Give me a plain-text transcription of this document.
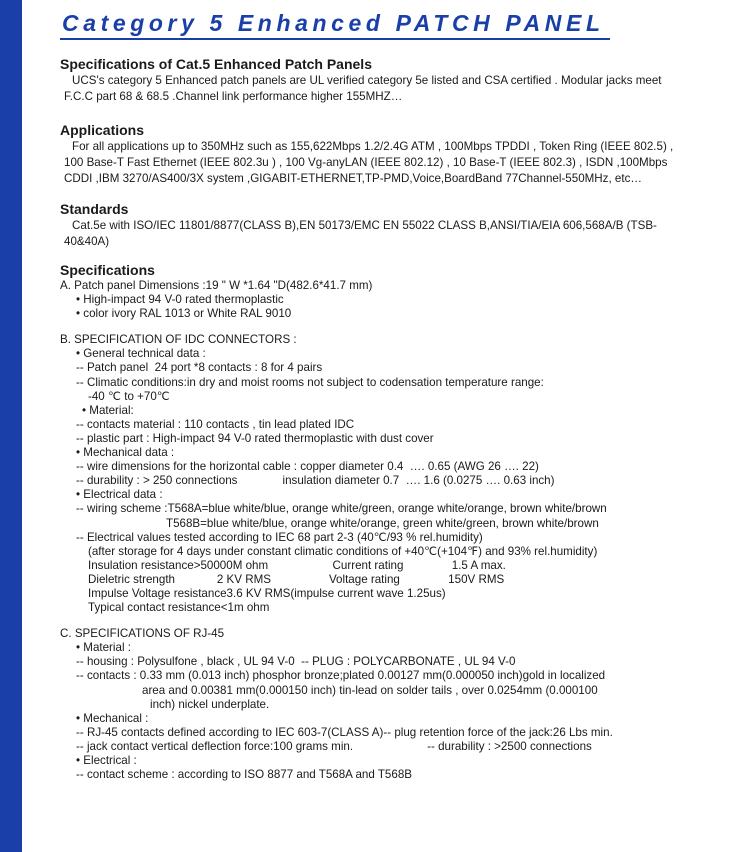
Category 5 Enhanced PATCH PANEL

Specifications of Cat.5 Enhanced Patch Panels

UCS's category 5 Enhanced patch panels are UL verified category 5e listed and CSA certified . Modular jacks meet F.C.C part 68 & 68.5 .Channel link performance higher 155MHZ…

Applications

For all applications up to 350MHz such as 155,622Mbps 1.2/2.4G ATM , 100Mbps TPDDI , Token Ring (IEEE 802.5) , 100 Base-T Fast Ethernet (IEEE 802.3u ) , 100 Vg-anyLAN (IEEE 802.12) , 10 Base-T (IEEE 802.3) , ISDN ,100Mbps CDDI ,IBM 3270/AS400/3X system ,GIGABIT-ETHERNET,TP-PMD,Voice,BoardBand 77Channel-550MHz, etc…

Standards

Cat.5e with ISO/IEC 11801/8877(CLASS B),EN 50173/EMC EN 55022 CLASS B,ANSI/TIA/EIA 606,568A/B (TSB-40&40A)

Specifications

A. Patch panel Dimensions :19 " W *1.64 "D(482.6*41.7 mm)

• High-impact 94 V-0 rated thermoplastic

• color ivory RAL 1013 or White RAL 9010

B. SPECIFICATION OF IDC CONNECTORS :

• General technical data :

-- Patch panel  24 port *8 contacts : 8 for 4 pairs

-- Climatic conditions:in dry and moist rooms not subject to codensation temperature range:

-40 ℃ to +70℃

• Material:

-- contacts material : 110 contacts , tin lead plated IDC

-- plastic part : High-impact 94 V-0 rated thermoplastic with dust cover

• Mechanical data :

-- wire dimensions for the horizontal cable : copper diameter 0.4  …. 0.65 (AWG 26 …. 22)

-- durability : > 250 connections              insulation diameter 0.7  …. 1.6 (0.0275 …. 0.63 inch)

• Electrical data :

-- wiring scheme :T568A=blue white/blue, orange white/green, orange white/orange, brown white/brown

T568B=blue white/blue, orange white/orange, green white/green, brown white/brown

-- Electrical values tested according to IEC 68 part 2-3 (40℃/93 % rel.humidity)

(after storage for 4 days under constant climatic conditions of +40℃(+104℉) and 93% rel.humidity)

Insulation resistance>50000M ohm                    Current rating               1.5 A max.

Dieletric strength             2 KV RMS                  Voltage rating               150V RMS

Impulse Voltage resistance3.6 KV RMS(impulse current wave 1.25us)

Typical contact resistance<1m ohm

C. SPECIFICATIONS OF RJ-45

• Material :

-- housing : Polysulfone , black , UL 94 V-0  -- PLUG : POLYCARBONATE , UL 94 V-0

-- contacts : 0.33 mm (0.013 inch) phosphor bronze;plated 0.00127 mm(0.000050 inch)gold in localized

area and 0.00381 mm(0.000150 inch) tin-lead on solder tails , over 0.0254mm (0.000100

inch) nickel underplate.

• Mechanical :

-- RJ-45 contacts defined according to IEC 603-7(CLASS A)-- plug retention force of the jack:26 Lbs min.

-- jack contact vertical deflection force:100 grams min.                       -- durability : >2500 connections

• Electrical :

-- contact scheme : according to ISO 8877 and T568A and T568B
